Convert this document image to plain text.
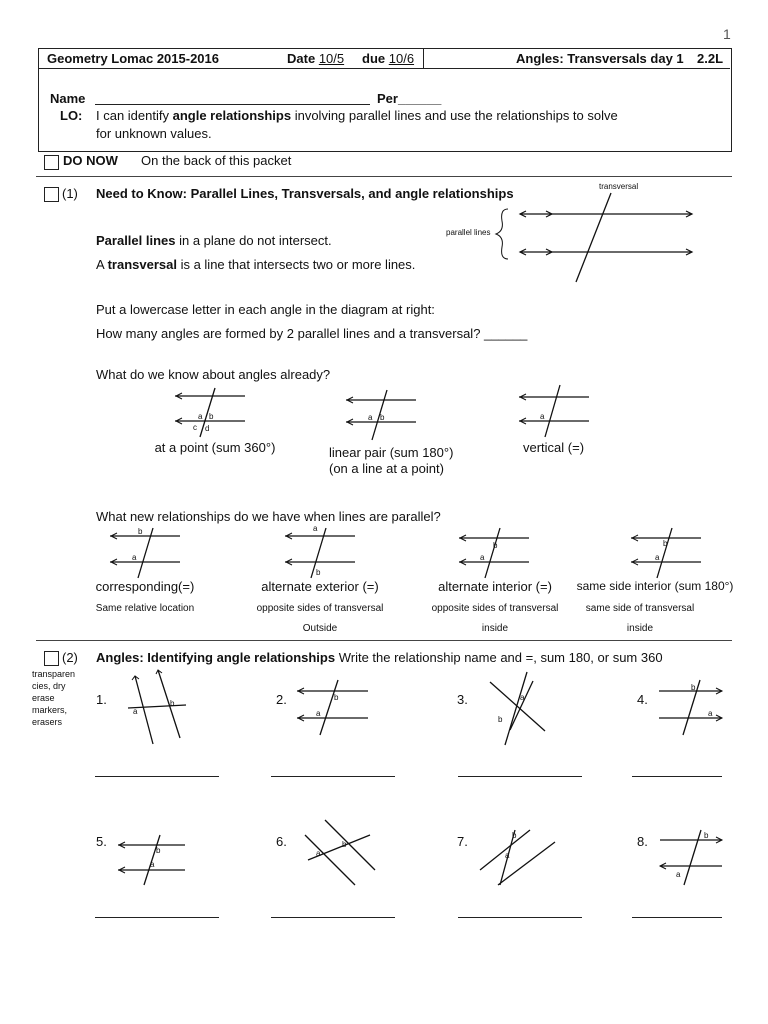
1
Geometry Lomac 2015-2016	Date 10/5 due 10/6	Angles: Transversals day 1 2.2L
Name	Per______
LO: I can identify angle relationships involving parallel lines and use the relationships to solve
for unknown values.
DO NOW On the back of this packet
(1) Need to Know: Parallel Lines, Transversals, and angle relationships	transversal
parallel lines
Parallel lines in a plane do not intersect.
A transversal is a line that intersects two or more lines.
Put a lowercase letter in each angle in the diagram at right:
How many angles are formed by 2 parallel lines and a transversal? ______
What do we know about angles already?
a b
c d
a b	a
at a point (sum 360°)	linear pair (sum 180°)
(on a line at a point)
vertical (=)
What new relationships do we have when lines are parallel?
b
a
a
b
b
a
b
a
corresponding(=)
Same relative location
alternate exterior (=)
opposite sides of transversal
Outside
alternate interior (=)
opposite sides of transversal
inside
same side interior (sum 180°)
same side of transversal
inside
(2) Angles: Identifying angle relationships Write the relationship name and =, sum 180, or sum 360
transparen
cies, dry
erase
markers,
erasers
1.	2.	3.	4.
5.	6.	7.	8.
a
b
b
a
b
a
b
a
b
a
a
b
b
a
b
a
